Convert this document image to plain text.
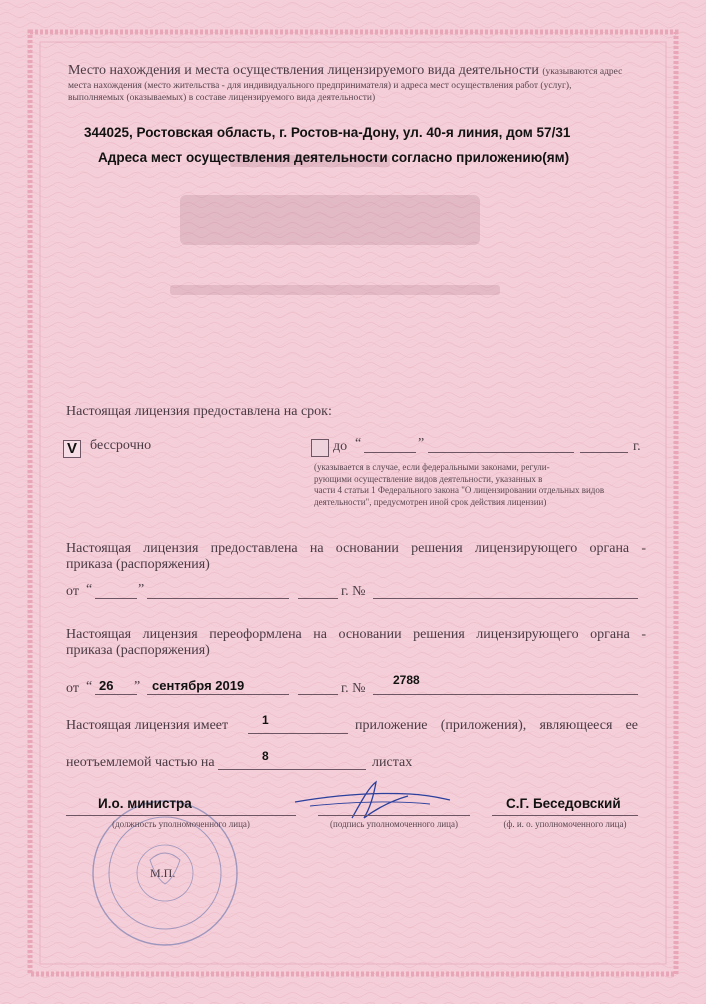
Место нахождения и места осуществления лицензируемого вида деятельности (указываются адрес
места нахождения (место жительства - для индивидуального предпринимателя) и адреса мест осуществления работ (услуг),
выполняемых (оказываемых) в составе лицензируемого вида деятельности)
344025, Ростовская область, г. Ростов-на-Дону, ул. 40-я линия, дом 57/31
Адреса мест осуществления деятельности согласно приложению(ям)
Настоящая лицензия предоставлена на срок:
V бессрочно	до “	”	г.
(указывается в случае, если федеральными законами, регули-
рующими осуществление видов деятельности, указанных в
части 4 статьи 1 Федерального закона "О лицензировании отдельных видов
деятельности", предусмотрен иной срок действия лицензии)
Настоящая лицензия предоставлена на основании решения лицензирующего органа -
приказа (распоряжения)
от “	”	г. №
Настоящая лицензия переоформлена на основании решения лицензирующего органа -
приказа (распоряжения)
от “ 26 ” сентября 2019	г. №
2788
Настоящая лицензия имеет	1	приложение (приложения), являющееся ее
неотъемлемой частью на	8	листах
И.о. министра
(должность уполномоченного лица)	(подпись уполномоченного лица)
С.Г. Беседовский
(ф. и. о. уполномоченного лица)
М.П.
